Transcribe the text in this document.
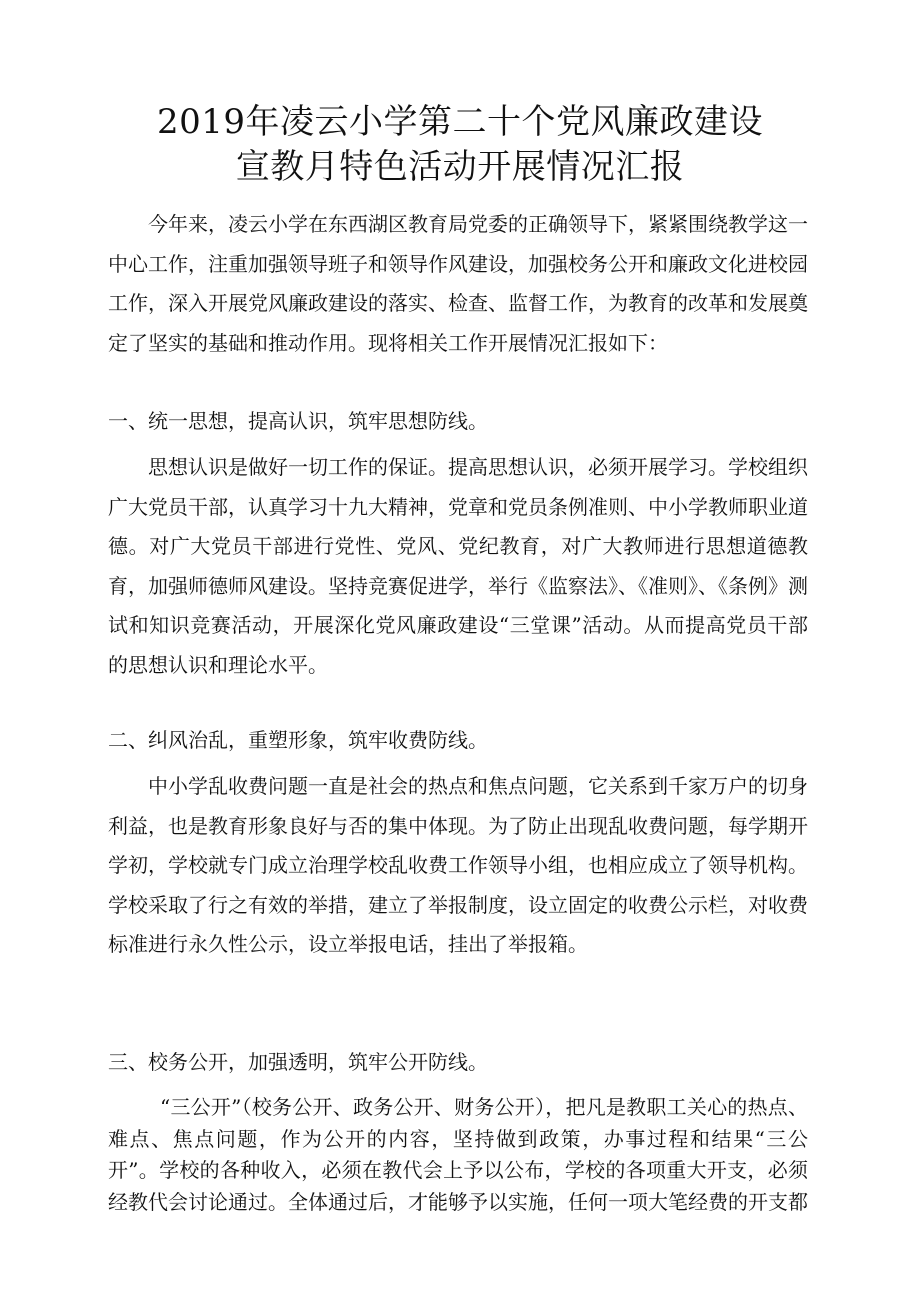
2019年凌云小学第二十个党风廉政建设
宣教月特色活动开展情况汇报

今年来，凌云小学在东西湖区教育局党委的正确领导下，紧紧围绕教学这一中心工作，注重加强领导班子和领导作风建设，加强校务公开和廉政文化进校园工作，深入开展党风廉政建设的落实、检查、监督工作，为教育的改革和发展奠定了坚实的基础和推动作用。现将相关工作开展情况汇报如下：

一、统一思想，提高认识，筑牢思想防线。

思想认识是做好一切工作的保证。提高思想认识，必须开展学习。学校组织广大党员干部，认真学习十九大精神，党章和党员条例准则、中小学教师职业道德。对广大党员干部进行党性、党风、党纪教育，对广大教师进行思想道德教育，加强师德师风建设。坚持竞赛促进学，举行《监察法》、《准则》、《条例》测试和知识竞赛活动，开展深化党风廉政建设“三堂课”活动。从而提高党员干部的思想认识和理论水平。

二、纠风治乱，重塑形象，筑牢收费防线。

中小学乱收费问题一直是社会的热点和焦点问题，它关系到千家万户的切身利益，也是教育形象良好与否的集中体现。为了防止出现乱收费问题，每学期开学初，学校就专门成立治理学校乱收费工作领导小组，也相应成立了领导机构。学校采取了行之有效的举措，建立了举报制度，设立固定的收费公示栏，对收费标准进行永久性公示，设立举报电话，挂出了举报箱。

三、校务公开，加强透明，筑牢公开防线。

“三公开”（校务公开、政务公开、财务公开），把凡是教职工关心的热点、难点、焦点问题，作为公开的内容，坚持做到政策，办事过程和结果“三公开”。学校的各种收入，必须在教代会上予以公布，学校的各项重大开支，必须经教代会讨论通过。全体通过后，才能够予以实施，任何一项大笔经费的开支都
